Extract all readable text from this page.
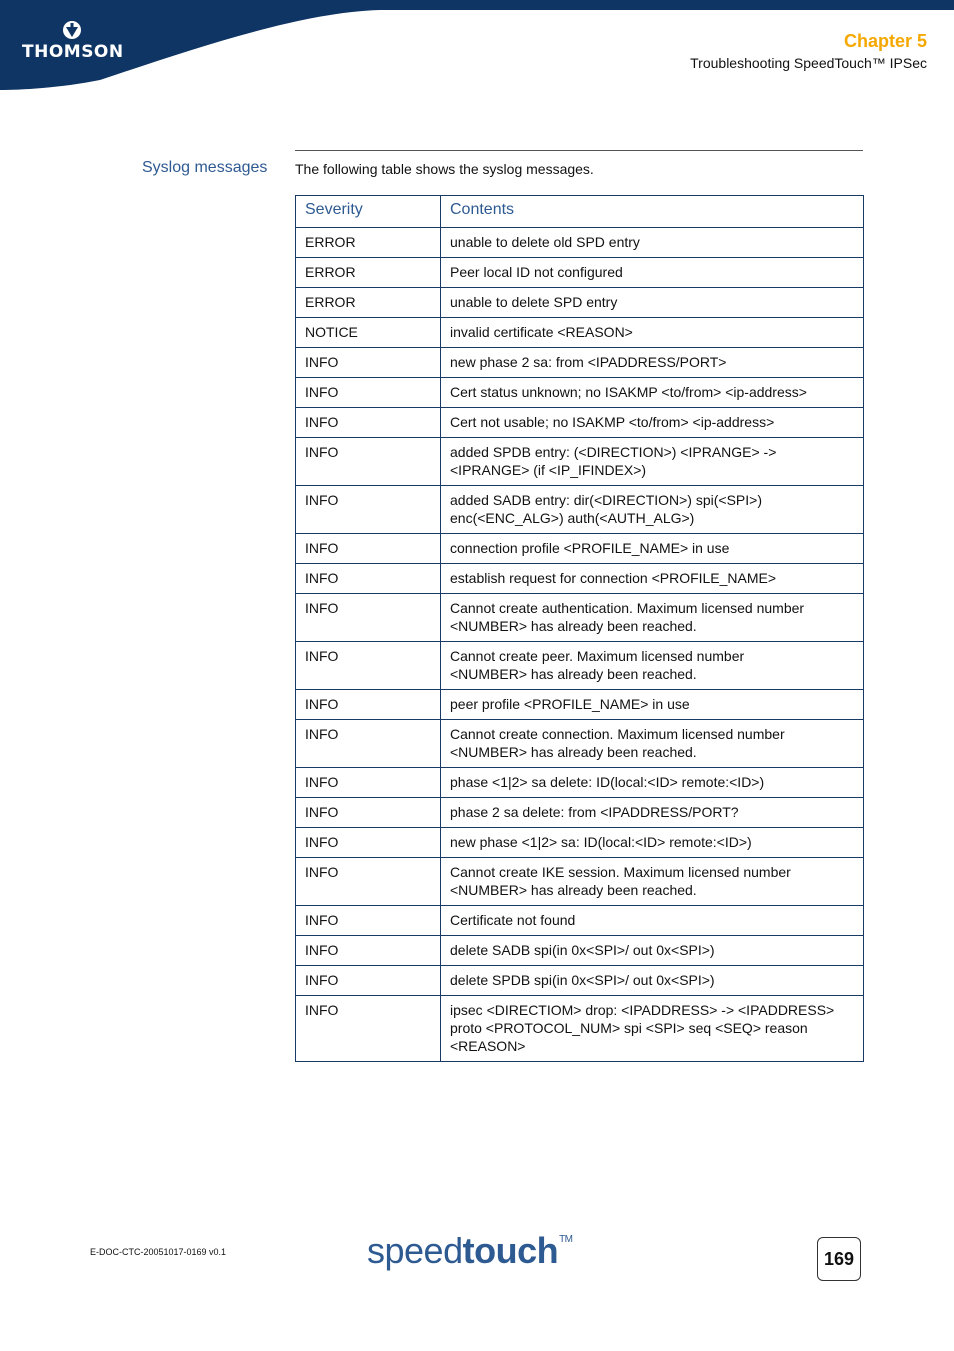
THOMSON
Chapter 5
Troubleshooting SpeedTouch™ IPSec
Syslog messages The following table shows the syslog messages.
Severity	Contents
ERROR	unable to delete old SPD entry

ERROR	Peer local ID not configured

ERROR	unable to delete SPD entry

NOTICE	invalid certificate <REASON>

INFO	new phase 2 sa: from <IPADDRESS/PORT>

INFO	Cert status unknown; no ISAKMP <to/from> <ip-address>

INFO	Cert not usable; no ISAKMP <to/from> <ip-address>

INFO	added SPDB entry: (<DIRECTION>) <IPRANGE> ->
<IPRANGE> (if <IP_IFINDEX>)

INFO	added SADB entry: dir(<DIRECTION>) spi(<SPI>)
enc(<ENC_ALG>) auth(<AUTH_ALG>)

INFO	connection profile <PROFILE_NAME> in use

INFO	establish request for connection <PROFILE_NAME>

INFO	Cannot create authentication. Maximum licensed number
<NUMBER> has already been reached.

INFO	Cannot create peer. Maximum licensed number
<NUMBER> has already been reached.

INFO	peer profile <PROFILE_NAME> in use

INFO	Cannot create connection. Maximum licensed number
<NUMBER> has already been reached.

INFO	phase <1|2> sa delete: ID(local:<ID> remote:<ID>)

INFO	phase 2 sa delete: from <IPADDRESS/PORT?

INFO	new phase <1|2> sa: ID(local:<ID> remote:<ID>)

INFO	Cannot create IKE session. Maximum licensed number
<NUMBER> has already been reached.

INFO	Certificate not found

INFO	delete SADB spi(in 0x<SPI>/ out 0x<SPI>)

INFO	delete SPDB spi(in 0x<SPI>/ out 0x<SPI>)

INFO	ipsec <DIRECTIOM> drop: <IPADDRESS> -> <IPADDRESS>
proto <PROTOCOL_NUM> spi <SPI> seq <SEQ> reason
<REASON>
E-DOC-CTC-20051017-0169 v0.1	speedtouch™
169
